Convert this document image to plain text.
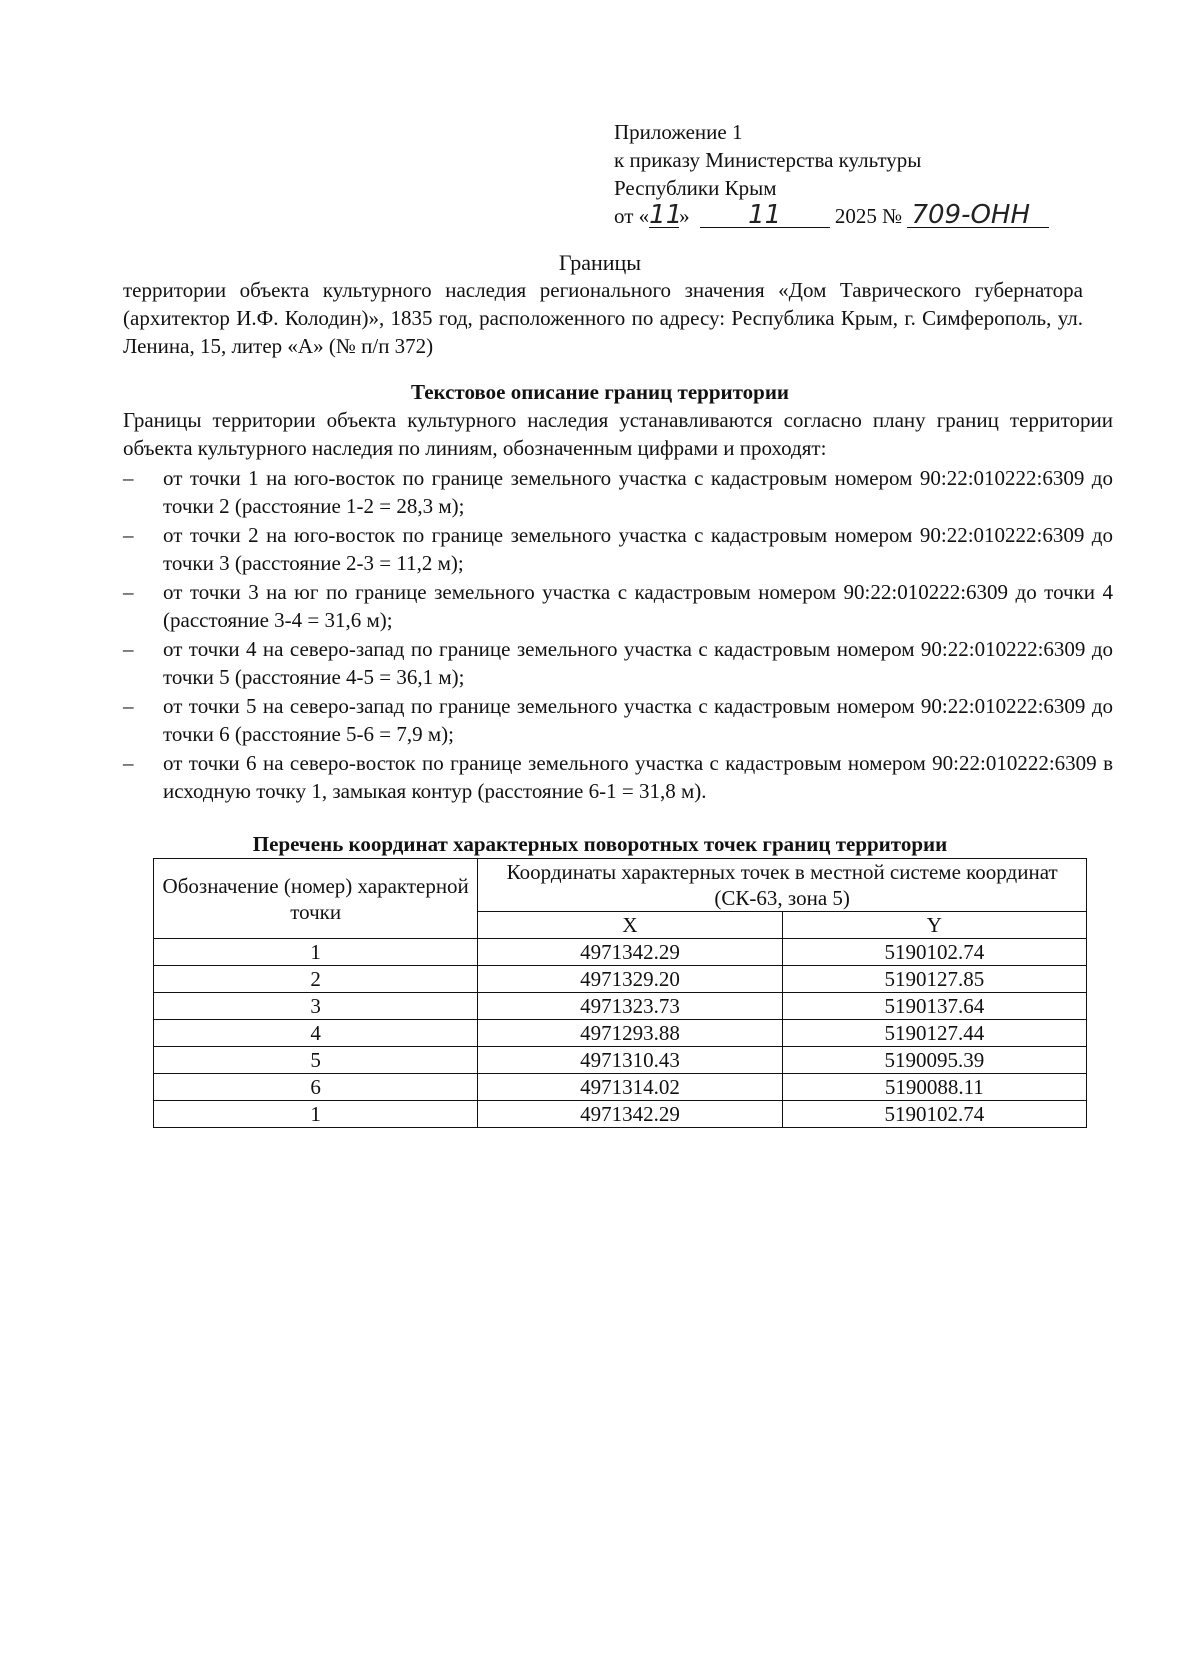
Приложение 1
к приказу Министерства культуры
Республики Крым
от «11» 11	2025 № 709-ОНН
Границы
территории объекта культурного наследия регионального значения «Дом Таврического губернатора (архитектор И.Ф. Колодин)», 1835 год, расположенного по адресу: Республика Крым, г. Симферополь, ул. Ленина, 15, литер «А» (№ п/п 372)
Текстовое описание границ территории
Границы территории объекта культурного наследия устанавливаются согласно плану границ территории объекта культурного наследия по линиям, обозначенным цифрами и проходят:
– от точки 1 на юго-восток по границе земельного участка с кадастровым номером 90:22:010222:6309 до точки 2 (расстояние 1-2 = 28,3 м);
– от точки 2 на юго-восток по границе земельного участка с кадастровым номером 90:22:010222:6309 до точки 3 (расстояние 2-3 = 11,2 м);
– от точки 3 на юг по границе земельного участка с кадастровым номером 90:22:010222:6309 до точки 4 (расстояние 3-4 = 31,6 м);
– от точки 4 на северо-запад по границе земельного участка с кадастровым номером 90:22:010222:6309 до точки 5 (расстояние 4-5 = 36,1 м);
– от точки 5 на северо-запад по границе земельного участка с кадастровым номером 90:22:010222:6309 до точки 6 (расстояние 5-6 = 7,9 м);
– от точки 6 на северо-восток по границе земельного участка с кадастровым номером 90:22:010222:6309 в исходную точку 1, замыкая контур (расстояние 6-1 = 31,8 м).
Перечень координат характерных поворотных точек границ территории
Обозначение (номер) характерной точки	Координаты характерных точек в местной системе координат (СК-63, зона 5)	
	X	Y
1	4971342.29	5190102.74
2	4971329.20	5190127.85
3	4971323.73	5190137.64
4	4971293.88	5190127.44
5	4971310.43	5190095.39
6	4971314.02	5190088.11
1	4971342.29	5190102.74
